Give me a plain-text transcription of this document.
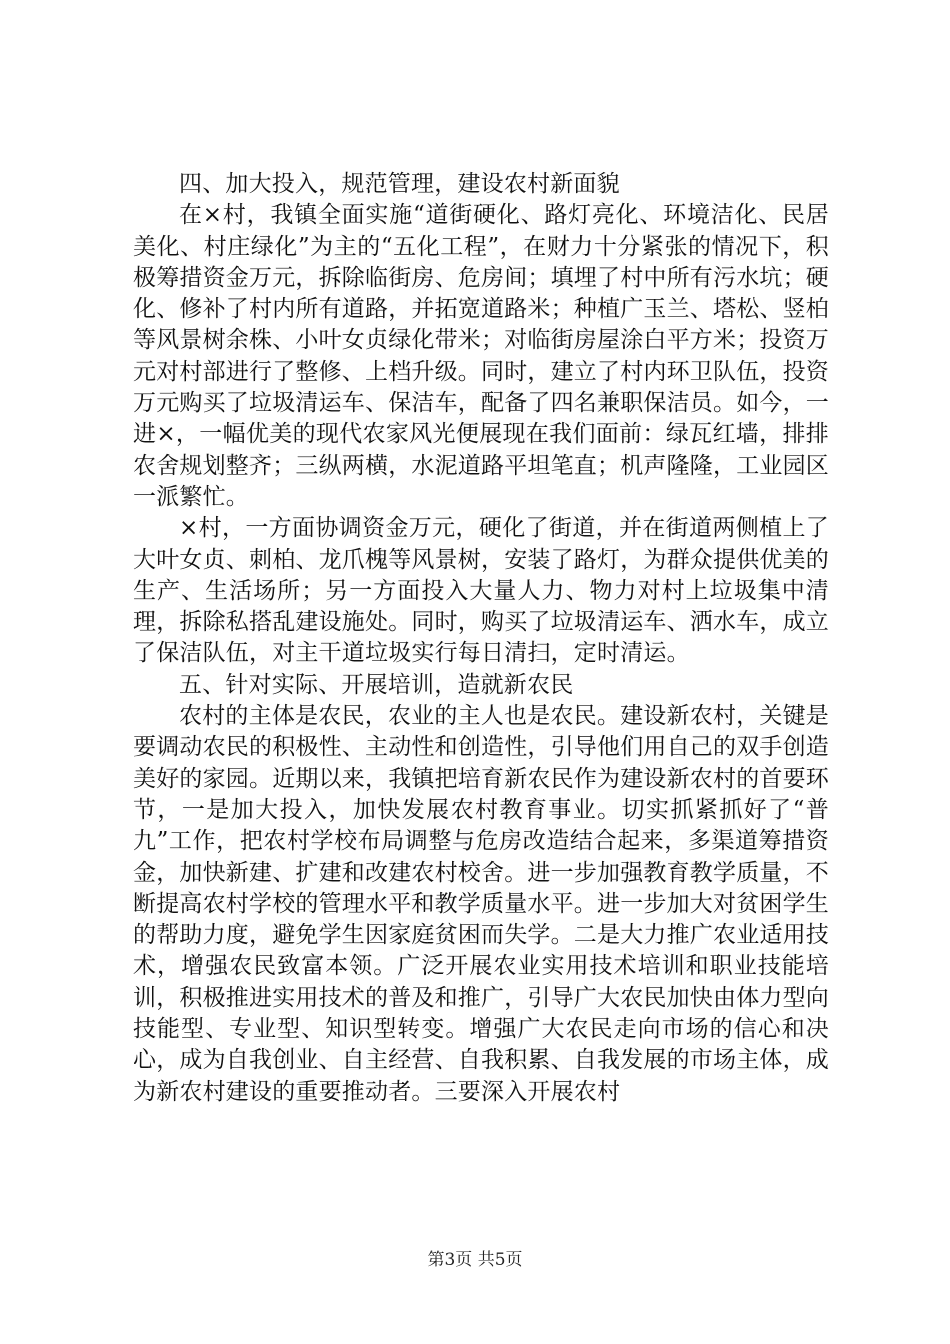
四、加大投入，规范管理，建设农村新面貌

在×村，我镇全面实施“道街硬化、路灯亮化、环境洁化、民居美化、村庄绿化”为主的“五化工程”，在财力十分紧张的情况下，积极筹措资金万元，拆除临街房、危房间；填埋了村中所有污水坑；硬化、修补了村内所有道路，并拓宽道路米；种植广玉兰、塔松、竖柏等风景树余株、小叶女贞绿化带米；对临街房屋涂白平方米；投资万元对村部进行了整修、上档升级。同时，建立了村内环卫队伍，投资万元购买了垃圾清运车、保洁车，配备了四名兼职保洁员。如今，一进×，一幅优美的现代农家风光便展现在我们面前：绿瓦红墙，排排农舍规划整齐；三纵两横，水泥道路平坦笔直；机声隆隆，工业园区一派繁忙。

×村，一方面协调资金万元，硬化了街道，并在街道两侧植上了大叶女贞、刺柏、龙爪槐等风景树，安装了路灯，为群众提供优美的生产、生活场所；另一方面投入大量人力、物力对村上垃圾集中清理，拆除私搭乱建设施处。同时，购买了垃圾清运车、洒水车，成立了保洁队伍，对主干道垃圾实行每日清扫，定时清运。

五、针对实际、开展培训，造就新农民

农村的主体是农民，农业的主人也是农民。建设新农村，关键是要调动农民的积极性、主动性和创造性，引导他们用自己的双手创造美好的家园。近期以来，我镇把培育新农民作为建设新农村的首要环节，一是加大投入，加快发展农村教育事业。切实抓紧抓好了“普九”工作，把农村学校布局调整与危房改造结合起来，多渠道筹措资金，加快新建、扩建和改建农村校舍。进一步加强教育教学质量，不断提高农村学校的管理水平和教学质量水平。进一步加大对贫困学生的帮助力度，避免学生因家庭贫困而失学。二是大力推广农业适用技术，增强农民致富本领。广泛开展农业实用技术培训和职业技能培训，积极推进实用技术的普及和推广，引导广大农民加快由体力型向技能型、专业型、知识型转变。增强广大农民走向市场的信心和决心，成为自我创业、自主经营、自我积累、自我发展的市场主体，成为新农村建设的重要推动者。三要深入开展农村

第3页 共5页
